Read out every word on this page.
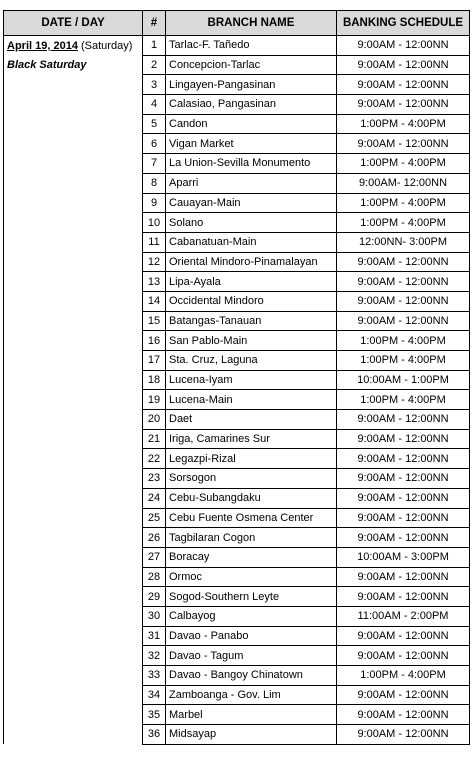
DATE / DAY	#	BRANCH NAME	BANKING SCHEDULE
April 19, 2014 (Saturday)
Black Saturday	1	Tarlac-F. Tañedo	9:00AM - 12:00NN
	2	Concepcion-Tarlac	9:00AM - 12:00NN
	3	Lingayen-Pangasinan	9:00AM - 12:00NN
	4	Calasiao, Pangasinan	9:00AM - 12:00NN
	5	Candon	1:00PM - 4:00PM
	6	Vigan Market	9:00AM - 12:00NN
	7	La Union-Sevilla Monumento	1:00PM - 4:00PM
	8	Aparri	9:00AM- 12:00NN
	9	Cauayan-Main	1:00PM - 4:00PM
	10	Solano	1:00PM - 4:00PM
	11	Cabanatuan-Main	12:00NN- 3:00PM
	12	Oriental Mindoro-Pinamalayan	9:00AM - 12:00NN
	13	Lipa-Ayala	9:00AM - 12:00NN
	14	Occidental Mindoro	9:00AM - 12:00NN
	15	Batangas-Tanauan	9:00AM - 12:00NN
	16	San Pablo-Main	1:00PM - 4:00PM
	17	Sta. Cruz, Laguna	1:00PM - 4:00PM
	18	Lucena-Iyam	10:00AM - 1:00PM
	19	Lucena-Main	1:00PM - 4:00PM
	20	Daet	9:00AM - 12:00NN
	21	Iriga, Camarines Sur	9:00AM - 12:00NN
	22	Legazpi-Rizal	9:00AM - 12:00NN
	23	Sorsogon	9:00AM - 12:00NN
	24	Cebu-Subangdaku	9:00AM - 12:00NN
	25	Cebu Fuente Osmena Center	9:00AM - 12:00NN
	26	Tagbilaran Cogon	9:00AM - 12:00NN
	27	Boracay	10:00AM - 3:00PM
	28	Ormoc	9:00AM - 12:00NN
	29	Sogod-Southern Leyte	9:00AM - 12:00NN
	30	Calbayog	11:00AM - 2:00PM
	31	Davao - Panabo	9:00AM - 12:00NN
	32	Davao - Tagum	9:00AM - 12:00NN
	33	Davao - Bangoy Chinatown	1:00PM - 4:00PM
	34	Zamboanga - Gov. Lim	9:00AM - 12:00NN
	35	Marbel	9:00AM - 12:00NN
	36	Midsayap	9:00AM - 12:00NN
